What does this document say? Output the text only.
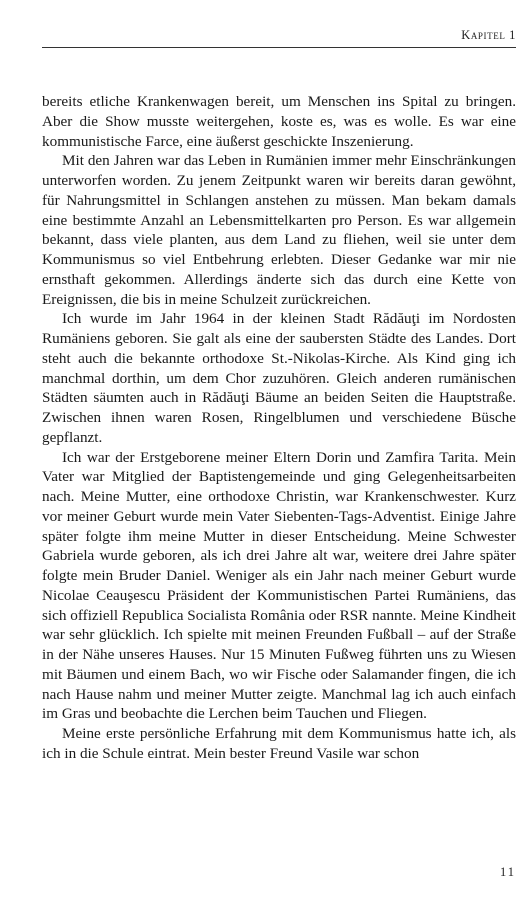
Kapitel 1

bereits etliche Krankenwagen bereit, um Menschen ins Spital zu bringen. Aber die Show musste weitergehen, koste es, was es wolle. Es war eine kommunistische Farce, eine äußerst geschickte Inszenierung.

Mit den Jahren war das Leben in Rumänien immer mehr Einschränkungen unterworfen worden. Zu jenem Zeitpunkt waren wir bereits daran gewöhnt, für Nahrungsmittel in Schlangen anstehen zu müssen. Man bekam damals eine bestimmte Anzahl an Lebensmittelkarten pro Person. Es war allgemein bekannt, dass viele planten, aus dem Land zu fliehen, weil sie unter dem Kommunismus so viel Entbehrung erlebten. Dieser Gedanke war mir nie ernsthaft gekommen. Allerdings änderte sich das durch eine Kette von Ereignissen, die bis in meine Schulzeit zurückreichen.

Ich wurde im Jahr 1964 in der kleinen Stadt Rădăuţi im Nordosten Rumäniens geboren. Sie galt als eine der saubersten Städte des Landes. Dort steht auch die bekannte orthodoxe St.-Nikolas-Kirche. Als Kind ging ich manchmal dorthin, um dem Chor zuzuhören. Gleich anderen rumänischen Städten säumten auch in Rădăuţi Bäume an beiden Seiten die Hauptstraße. Zwischen ihnen waren Rosen, Ringelblumen und verschiedene Büsche gepflanzt.

Ich war der Erstgeborene meiner Eltern Dorin und Zamfira Tarita. Mein Vater war Mitglied der Baptistengemeinde und ging Gelegenheitsarbeiten nach. Meine Mutter, eine orthodoxe Christin, war Krankenschwester. Kurz vor meiner Geburt wurde mein Vater Siebenten-Tags-Adventist. Einige Jahre später folgte ihm meine Mutter in dieser Entscheidung. Meine Schwester Gabriela wurde geboren, als ich drei Jahre alt war, weitere drei Jahre später folgte mein Bruder Daniel. Weniger als ein Jahr nach meiner Geburt wurde Nicolae Ceauşescu Präsident der Kommunistischen Partei Rumäniens, das sich offiziell Republica Socialista România oder RSR nannte. Meine Kindheit war sehr glücklich. Ich spielte mit meinen Freunden Fußball – auf der Straße in der Nähe unseres Hauses. Nur 15 Minuten Fußweg führten uns zu Wiesen mit Bäumen und einem Bach, wo wir Fische oder Salamander fingen, die ich nach Hause nahm und meiner Mutter zeigte. Manchmal lag ich auch einfach im Gras und beobachte die Lerchen beim Tauchen und Fliegen.

Meine erste persönliche Erfahrung mit dem Kommunismus hatte ich, als ich in die Schule eintrat. Mein bester Freund Vasile war schon

11
